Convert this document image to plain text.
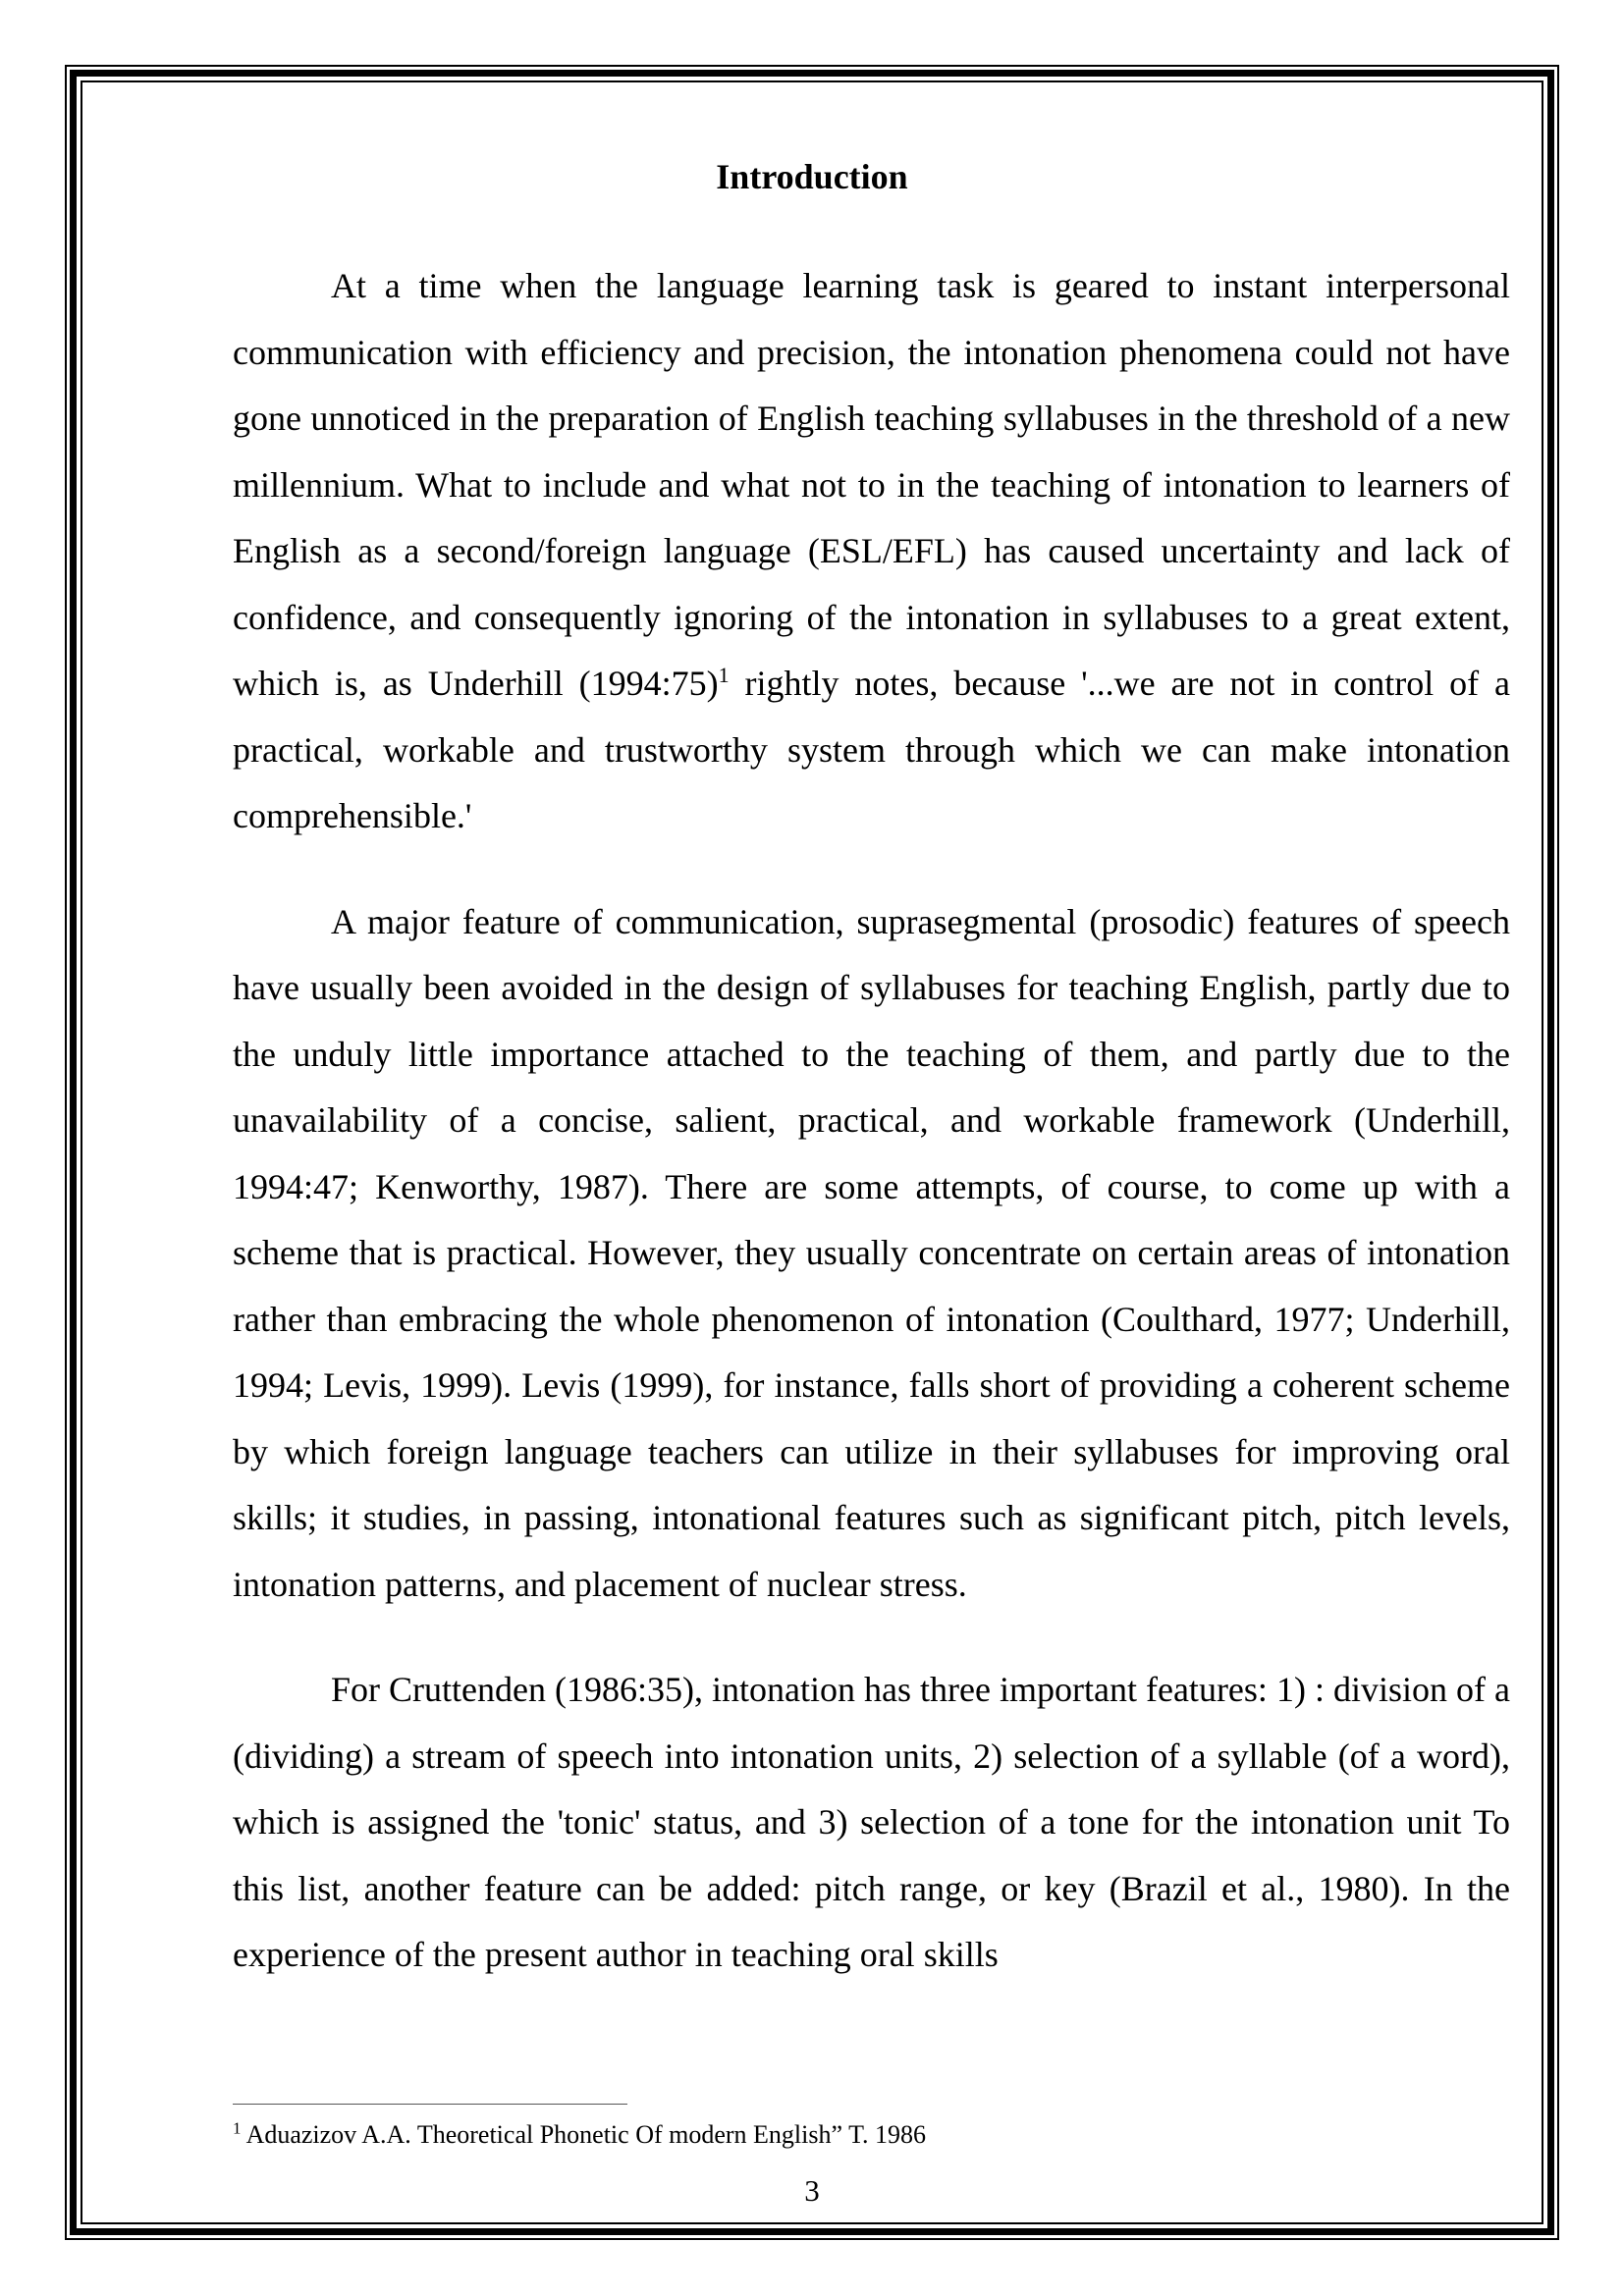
Introduction

At a time when the language learning task is geared to instant interpersonal communication with efficiency and precision, the intonation phenomena could not have gone unnoticed in the preparation of English teaching syllabuses in the threshold of a new millennium. What to include and what not to in the teaching of intonation to learners of English as a second/foreign language (ESL/EFL) has caused uncertainty and lack of confidence, and consequently ignoring of the intonation in syllabuses to a great extent, which is, as Underhill (1994:75)$^1$ rightly notes, because '...we are not in control of a practical, workable and trustworthy system through which we can make intonation comprehensible.'

A major feature of communication, suprasegmental (prosodic) features of speech have usually been avoided in the design of syllabuses for teaching English, partly due to the unduly little importance attached to the teaching of them, and partly due to the unavailability of a concise, salient, practical, and workable framework (Underhill, 1994:47; Kenworthy, 1987). There are some attempts, of course, to come up with a scheme that is practical. However, they usually concentrate on certain areas of intonation rather than embracing the whole phenomenon of intonation (Coulthard, 1977; Underhill, 1994; Levis, 1999). Levis (1999), for instance, falls short of providing a coherent scheme by which foreign language teachers can utilize in their syllabuses for improving oral skills; it studies, in passing, intonational features such as significant pitch, pitch levels, intonation patterns, and placement of nuclear stress.

For Cruttenden (1986:35), intonation has three important features: 1) : division of a (dividing) a stream of speech into intonation units, 2) selection of a syllable (of a word), which is assigned the 'tonic' status, and 3) selection of a tone for the intonation unit To this list, another feature can be added: pitch range, or key (Brazil et al., 1980). In the experience of the present author in teaching oral skills

$^1$ Aduazizov A.A. Theoretical Phonetic Of modern English” T. 1986
3
